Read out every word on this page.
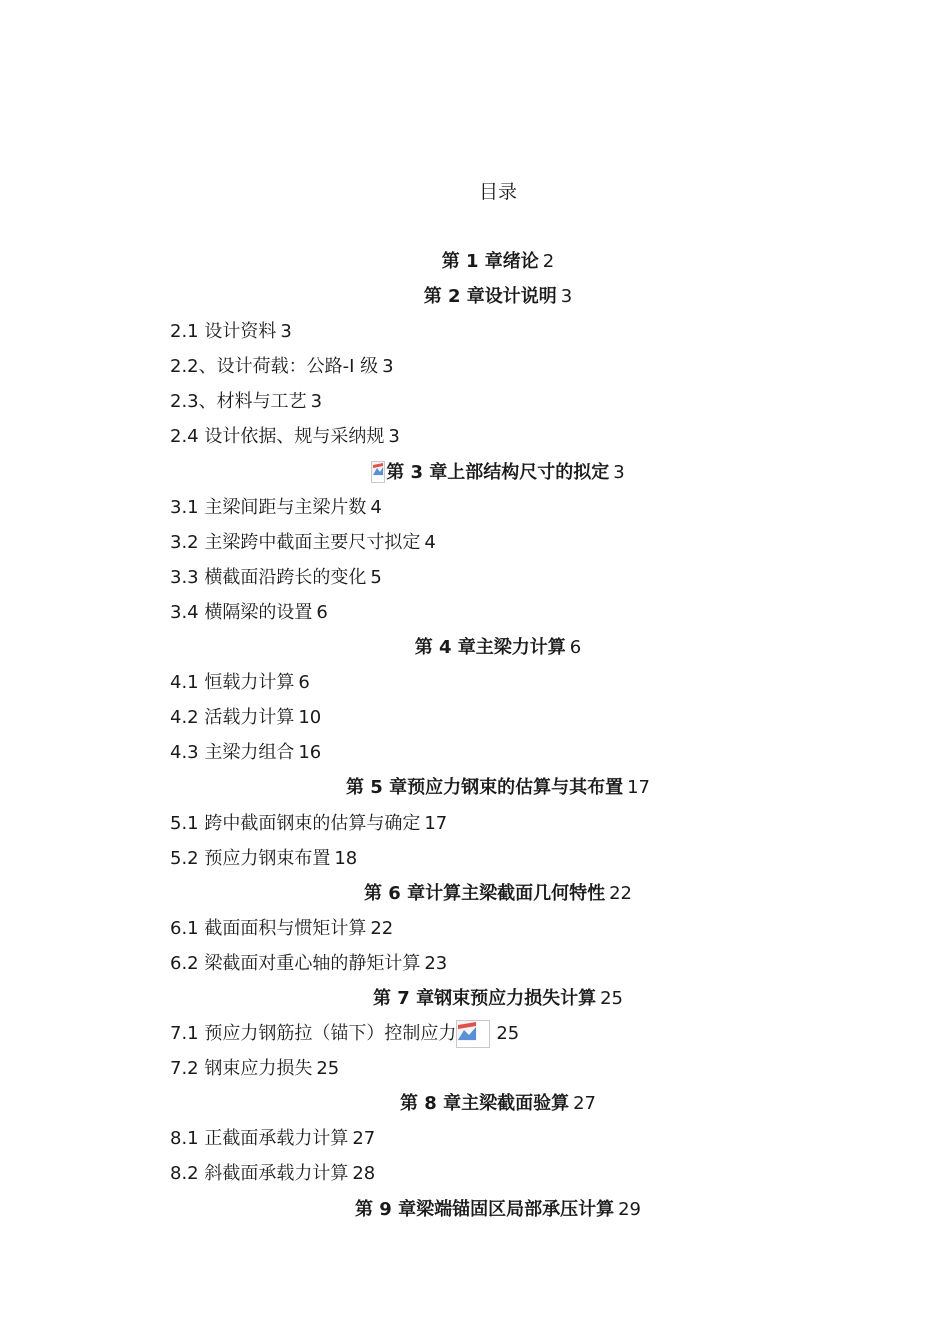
目录
第 1 章绪论 2
第 2 章设计说明 3
2.1 设计资料 3
2.2、设计荷载：公路-I 级 3
2.3、材料与工艺 3
2.4 设计依据、规与采纳规 3
第 3 章上部结构尺寸的拟定 3
3.1 主梁间距与主梁片数 4
3.2 主梁跨中截面主要尺寸拟定 4
3.3 横截面沿跨长的变化 5
3.4 横隔梁的设置 6
第 4 章主梁力计算 6
4.1 恒载力计算 6
4.2 活载力计算 10
4.3 主梁力组合 16
第 5 章预应力钢束的估算与其布置 17
5.1 跨中截面钢束的估算与确定 17
5.2 预应力钢束布置 18
第 6 章计算主梁截面几何特性 22
6.1 截面面积与惯矩计算 22
6.2 梁截面对重心轴的静矩计算 23
第 7 章钢束预应力损失计算 25
7.1 预应力钢筋拉（锚下）控制应力 25
7.2 钢束应力损失 25
第 8 章主梁截面验算 27
8.1 正截面承载力计算 27
8.2 斜截面承载力计算 28
第 9 章梁端锚固区局部承压计算 29
